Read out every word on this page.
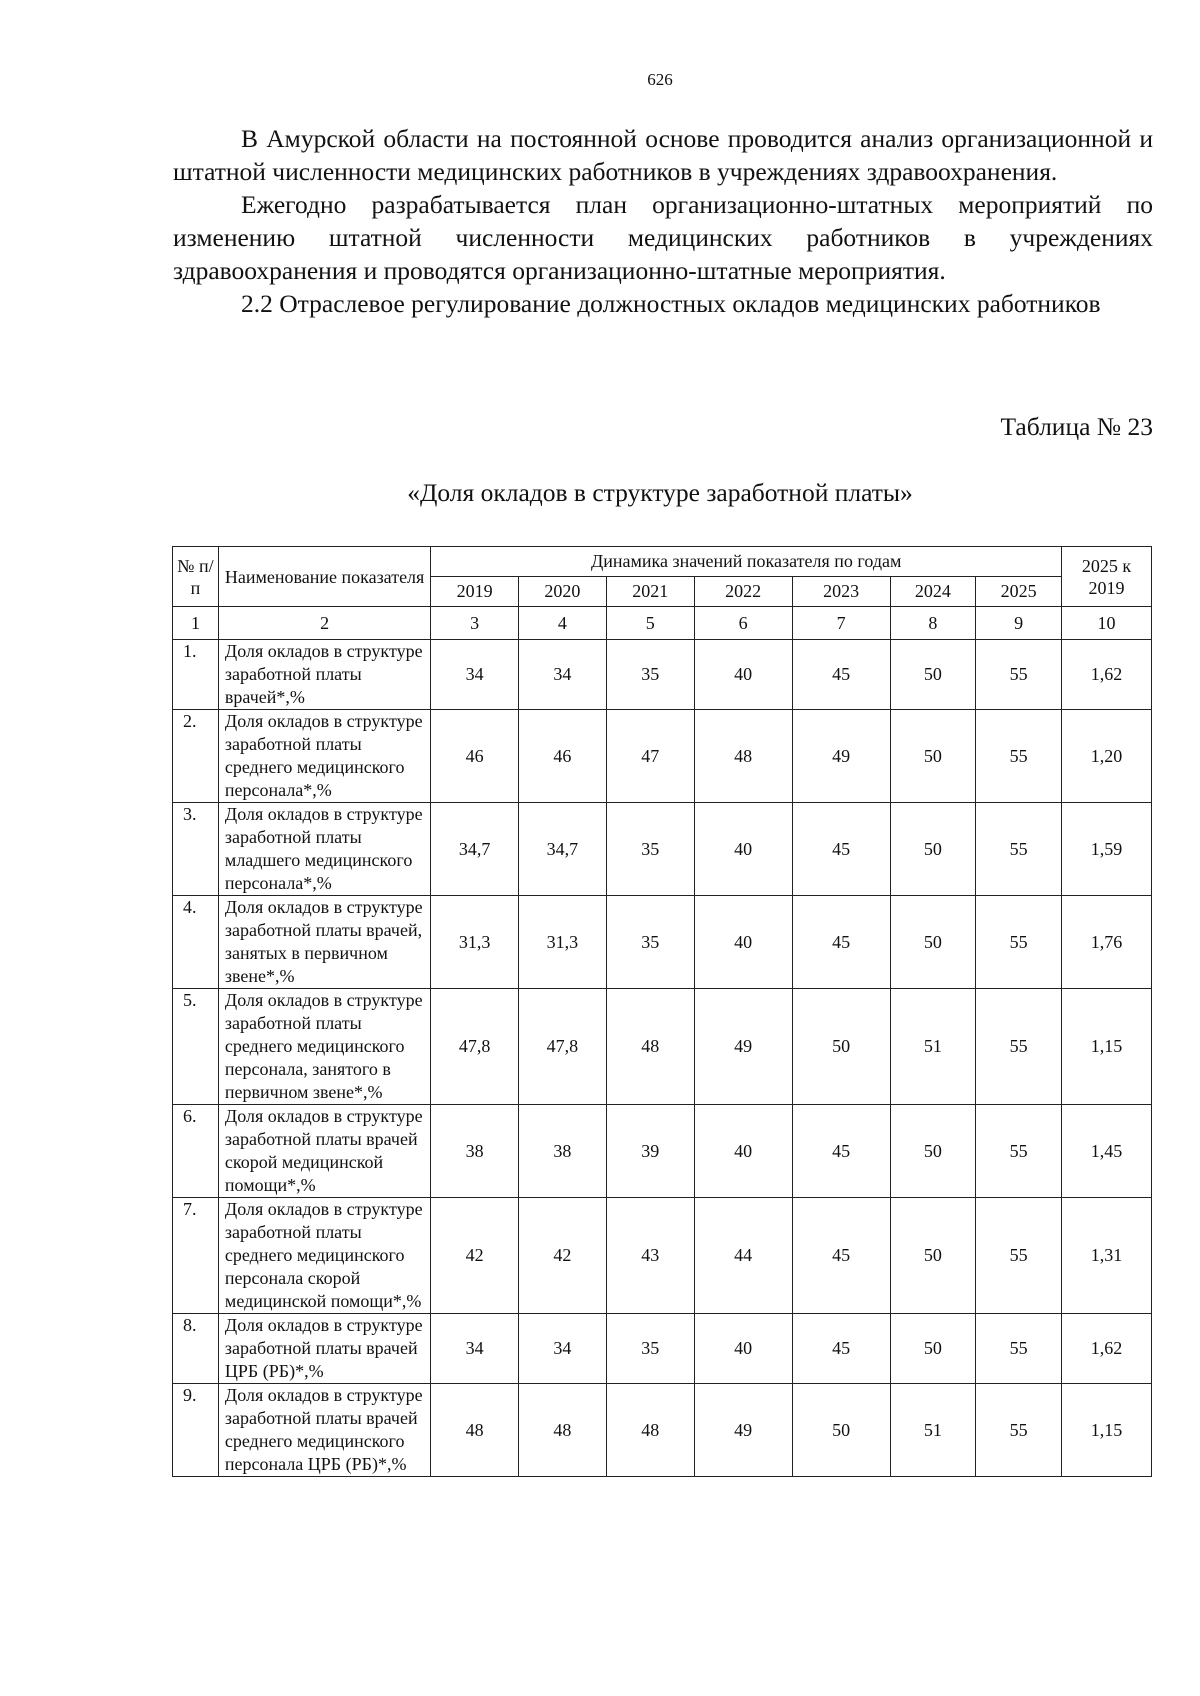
626

В Амурской области на постоянной основе проводится анализ организационной и штатной численности медицинских работников в учреждениях здравоохранения.

Ежегодно разрабатывается план организационно-штатных мероприятий по изменению штатной численности медицинских работников в учреждениях здравоохранения и проводятся организационно-штатные мероприятия.

2.2 Отраслевое регулирование должностных окладов медицинских работников

Таблица № 23
«Доля окладов в структуре заработной платы»
№ п/п	Наименование показателя	Динамика значений показателя по годам							2025 к 2019
		2019	2020	2021	2022	2023	2024	2025	
1	2	3	4	5	6	7	8	9	10
1.	Доля окладов в структуре заработной платы врачей*,%	34	34	35	40	45	50	55	1,62
2.	Доля окладов в структуре заработной платы среднего медицинского персонала*,%	46	46	47	48	49	50	55	1,20
3.	Доля окладов в структуре заработной платы младшего медицинского персонала*,%	34,7	34,7	35	40	45	50	55	1,59
4.	Доля окладов в структуре заработной платы врачей, занятых в первичном звене*,%	31,3	31,3	35	40	45	50	55	1,76
5.	Доля окладов в структуре заработной платы среднего медицинского персонала, занятого в первичном звене*,%	47,8	47,8	48	49	50	51	55	1,15
6.	Доля окладов в структуре заработной платы врачей скорой медицинской помощи*,%	38	38	39	40	45	50	55	1,45
7.	Доля окладов в структуре заработной платы среднего медицинского персонала скорой медицинской помощи*,%	42	42	43	44	45	50	55	1,31
8.	Доля окладов в структуре заработной платы врачей ЦРБ (РБ)*,%	34	34	35	40	45	50	55	1,62
9.	Доля окладов в структуре заработной платы врачей среднего медицинского персонала ЦРБ (РБ)*,%	48	48	48	49	50	51	55	1,15
